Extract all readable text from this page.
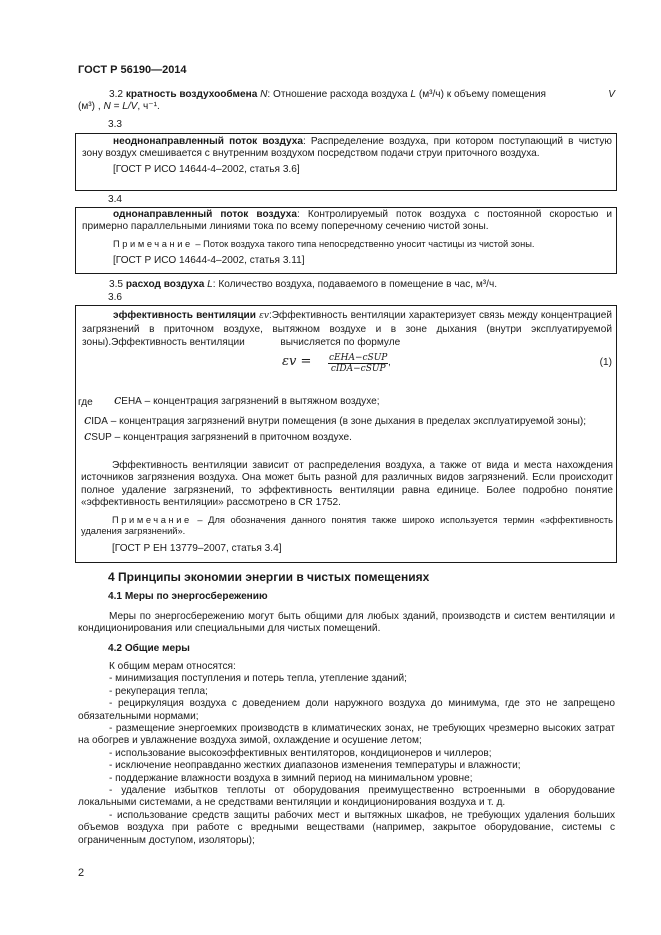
ГОСТ Р 56190—2014
3.2 кратность воздухообмена N: Отношение расхода воздуха L (м³/ч) к объему помещения	V
(м³) , N = L/V, ч⁻¹.
3.3

неоднонаправленный поток воздуха: Распределение воздуха, при котором поступающий в чистую зону воздух смешивается с внутренним воздухом посредством подачи струи приточного воздуха.

[ГОСТ Р ИСО 14644-4–2002, статья 3.6]

3.4

однонаправленный поток воздуха: Контролируемый поток воздуха с постоянной скоростью и примерно параллельными линиями тока по всему поперечному сечению чистой зоны.

Примечание – Поток воздуха такого типа непосредственно уносит частицы из чистой зоны.

[ГОСТ Р ИСО 14644-4–2002, статья 3.11]

3.5 расход воздуха L: Количество воздуха, подаваемого в помещение в час, м³/ч.
3.6

эффективность вентиляции εv:Эффективность вентиляции характеризует связь между концентрацией загрязнений в приточном воздухе, вытяжном воздухе и в зоне дыхания (внутри эксплуатируемой зоны).Эффективность вентиляции	вычисляется по формуле

εv = cEHA−cSUP
cIDA−cSUP
,	(1)
где cEHA – концентрация загрязнений в вытяжном воздухе;
cIDA – концентрация загрязнений внутри помещения (в зоне дыхания в пределах эксплуатируемой зоны);
cSUP – концентрация загрязнений в приточном воздухе.

Эффективность вентиляции зависит от распределения воздуха, а также от вида и места нахождения источников загрязнения воздуха. Она может быть разной для различных видов загрязнений. Если происходит полное удаление загрязнений, то эффективность вентиляции равна единице. Более подробно понятие «эффективность вентиляции» рассмотрено в CR 1752.

Примечание – Для обозначения данного понятия также широко используется термин «эффективность удаления загрязнений».

[ГОСТ Р ЕН 13779–2007, статья 3.4]

4 Принципы экономии энергии в чистых помещениях
4.1 Меры по энергосбережению
Меры по энергосбережению могут быть общими для любых зданий, производств и систем вентиляции и кондиционирования или специальными для чистых помещений.
4.2 Общие меры
К общим мерам относятся:
- минимизация поступления и потерь тепла, утепление зданий;
- рекуперация тепла;
- рециркуляция воздуха с доведением доли наружного воздуха до минимума, где это не запрещено обязательными нормами;
- размещение энергоемких производств в климатических зонах, не требующих чрезмерно высоких затрат на обогрев и увлажнение воздуха зимой, охлаждение и осушение летом;
- использование высокоэффективных вентиляторов, кондиционеров и чиллеров;
- исключение неоправданно жестких диапазонов изменения температуры и влажности;
- поддержание влажности воздуха в зимний период на минимальном уровне;
- удаление избытков теплоты от оборудования преимущественно встроенными в оборудование локальными системами, а не средствами вентиляции и кондиционирования воздуха и т. д.
- использование средств защиты рабочих мест и вытяжных шкафов, не требующих удаления больших объемов воздуха при работе с вредными веществами (например, закрытое оборудование, системы с ограниченным доступом, изоляторы);
2
